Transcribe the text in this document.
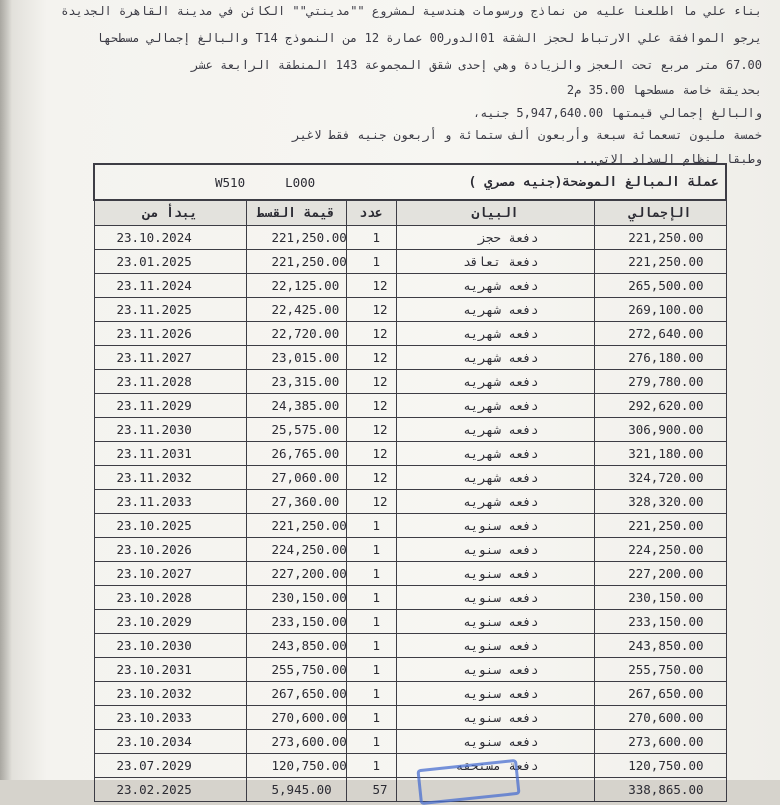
بناء علي ما اطلعنا عليه من نماذج ورسومات هندسية لمشروع ""مدينتي"" الكائن في مدينة القاهرة الجديدة
يرجو الموافقة علي الارتباط لحجز الشقة 01الدور00 عمارة 12 من النموذج T14 والبالغ إجمالي مسطحها
67.00 متر مربع تحت العجز والزيادة وهي إحدى شقق المجموعة 143 المنطقة الرابعة عشر
بحديقة خاصة مسطحها 35.00 م2
والبالغ إجمالي قيمتها 5,947,640.00 جنيه،
خمسة مليون تسعمائة سبعة وأربعون ألف ستمائة و أربعون جنيه فقط لاغير
وطبقا لنظام السداد الاتي...
W510 L000 عملة المبالغ الموضحة(جنيه مصري )				

يبدأ من	قيمة القسط	عدد	البيان	الإجمالي
23.10.2024	221,250.00	1	دفعة حجز	221,250.00
23.01.2025	221,250.00	1	دفعة تعاقد	221,250.00
23.11.2024	22,125.00	12	دفعه شهريه	265,500.00
23.11.2025	22,425.00	12	دفعه شهريه	269,100.00
23.11.2026	22,720.00	12	دفعه شهريه	272,640.00
23.11.2027	23,015.00	12	دفعه شهريه	276,180.00
23.11.2028	23,315.00	12	دفعه شهريه	279,780.00
23.11.2029	24,385.00	12	دفعه شهريه	292,620.00
23.11.2030	25,575.00	12	دفعه شهريه	306,900.00
23.11.2031	26,765.00	12	دفعه شهريه	321,180.00
23.11.2032	27,060.00	12	دفعه شهريه	324,720.00
23.11.2033	27,360.00	12	دفعه شهريه	328,320.00
23.10.2025	221,250.00	1	دفعه سنويه	221,250.00
23.10.2026	224,250.00	1	دفعه سنويه	224,250.00
23.10.2027	227,200.00	1	دفعه سنويه	227,200.00
23.10.2028	230,150.00	1	دفعه سنويه	230,150.00
23.10.2029	233,150.00	1	دفعه سنويه	233,150.00
23.10.2030	243,850.00	1	دفعه سنويه	243,850.00
23.10.2031	255,750.00	1	دفعه سنويه	255,750.00
23.10.2032	267,650.00	1	دفعه سنويه	267,650.00
23.10.2033	270,600.00	1	دفعه سنويه	270,600.00
23.10.2034	273,600.00	1	دفعه سنويه	273,600.00
23.07.2029	120,750.00	1	دفعة مستحقه	120,750.00
23.02.2025	5,945.00	57		338,865.00
